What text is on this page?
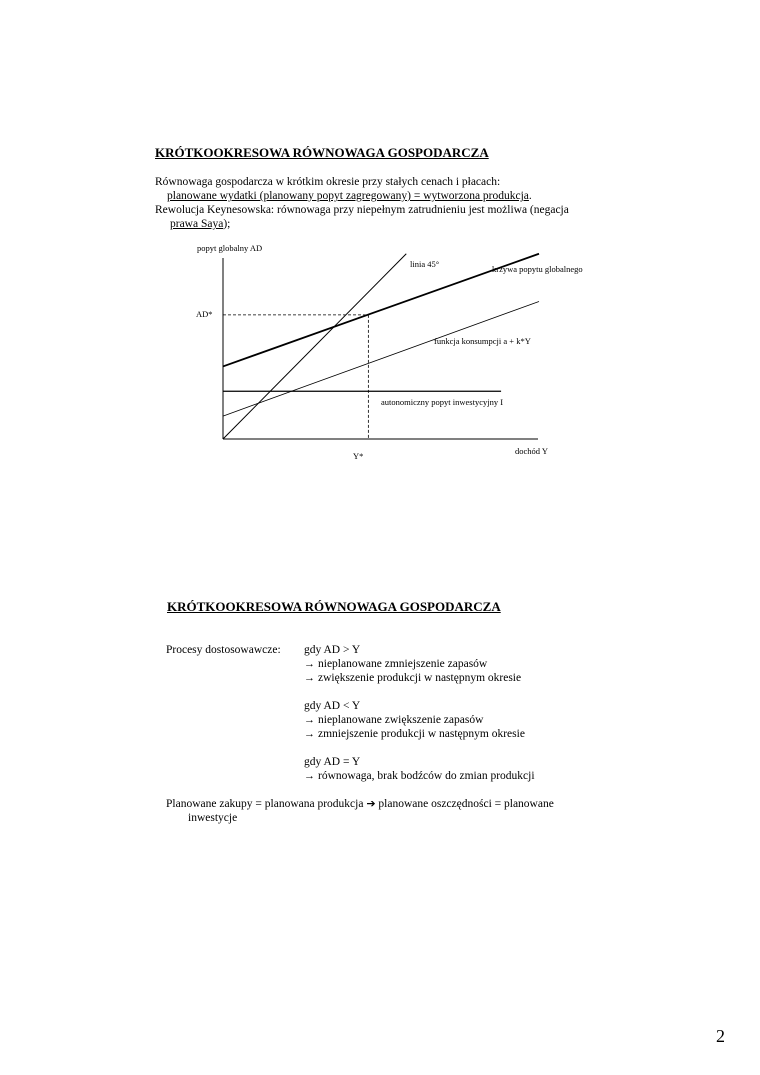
KRÓTKOOKRESOWA RÓWNOWAGA GOSPODARCZA
Równowaga gospodarcza w krótkim okresie przy stałych cenach i płacach:
planowane wydatki (planowany popyt zagregowany) = wytworzona produkcja.
Rewolucja Keynesowska: równowaga przy niepełnym zatrudnieniu jest możliwa (negacja
prawa Saya);
popyt globalny AD
dochód Y
AD*
Y*
linia 45°	krzywa popytu globalnego
funkcja konsumpcji a + k*Y
autonomiczny popyt inwestycyjny I
KRÓTKOOKRESOWA RÓWNOWAGA GOSPODARCZA
Procesy dostosowawcze: gdy AD > Y
→ nieplanowane zmniejszenie zapasów
→ zwiększenie produkcji w następnym okresie
gdy AD < Y
→ nieplanowane zwiększenie zapasów
→ zmniejszenie produkcji w następnym okresie
gdy AD = Y
→ równowaga, brak bodźców do zmian produkcji
Planowane zakupy = planowana produkcja ➔ planowane oszczędności = planowane
inwestycje
2
